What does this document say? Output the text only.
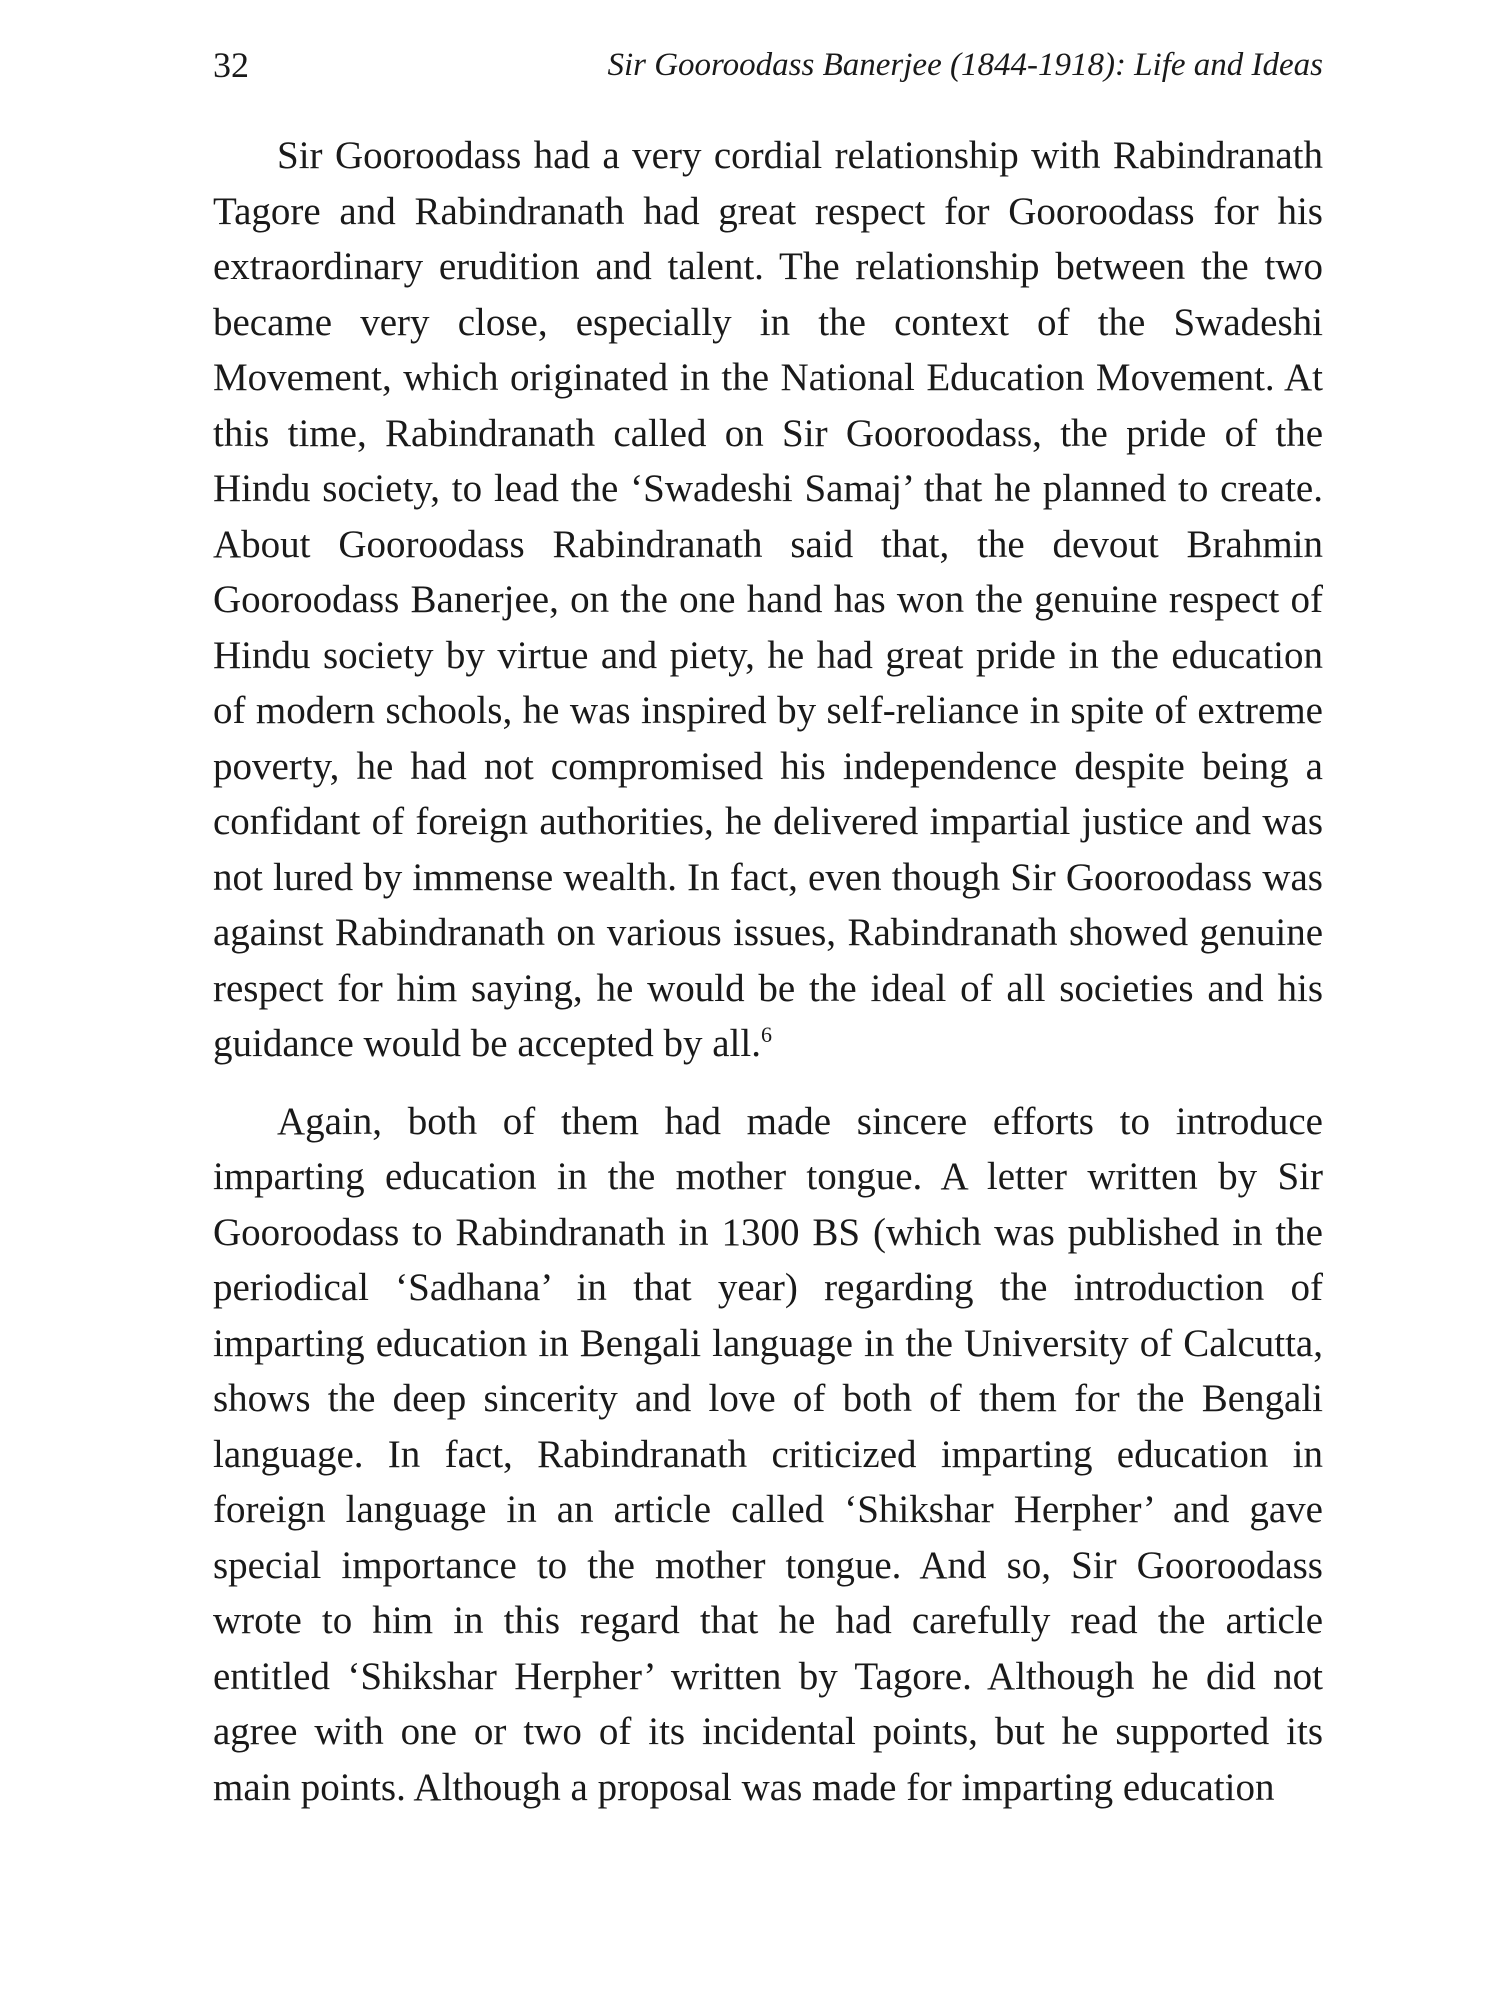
32	Sir Gooroodass Banerjee (1844-1918): Life and Ideas

Sir Gooroodass had a very cordial relationship with Rabindranath Tagore and Rabindranath had great respect for Gooroodass for his extraordinary erudition and talent. The relationship between the two became very close, especially in the context of the Swadeshi Movement, which originated in the National Education Movement. At this time, Rabindranath called on Sir Gooroodass, the pride of the Hindu society, to lead the ‘Swadeshi Samaj’ that he planned to create. About Gooroodass Rabindranath said that, the devout Brahmin Gooroodass Banerjee, on the one hand has won the genuine respect of Hindu society by virtue and piety, he had great pride in the education of modern schools, he was inspired by self-reliance in spite of extreme poverty, he had not compromised his independence despite being a confidant of foreign authorities, he delivered impartial justice and was not lured by immense wealth. In fact, even though Sir Gooroodass was against Rabindranath on various issues, Rabindranath showed genuine respect for him saying, he would be the ideal of all societies and his guidance would be accepted by all.$^6$

Again, both of them had made sincere efforts to introduce imparting education in the mother tongue. A letter written by Sir Gooroodass to Rabindranath in 1300 BS (which was published in the periodical ‘Sadhana’ in that year) regarding the introduction of imparting education in Bengali language in the University of Calcutta, shows the deep sincerity and love of both of them for the Bengali language. In fact, Rabindranath criticized imparting education in foreign language in an article called ‘Shikshar Herpher’ and gave special importance to the mother tongue. And so, Sir Gooroodass wrote to him in this regard that he had carefully read the article entitled ‘Shikshar Herpher’ written by Tagore. Although he did not agree with one or two of its incidental points, but he supported its main points. Although a proposal was made for imparting education
